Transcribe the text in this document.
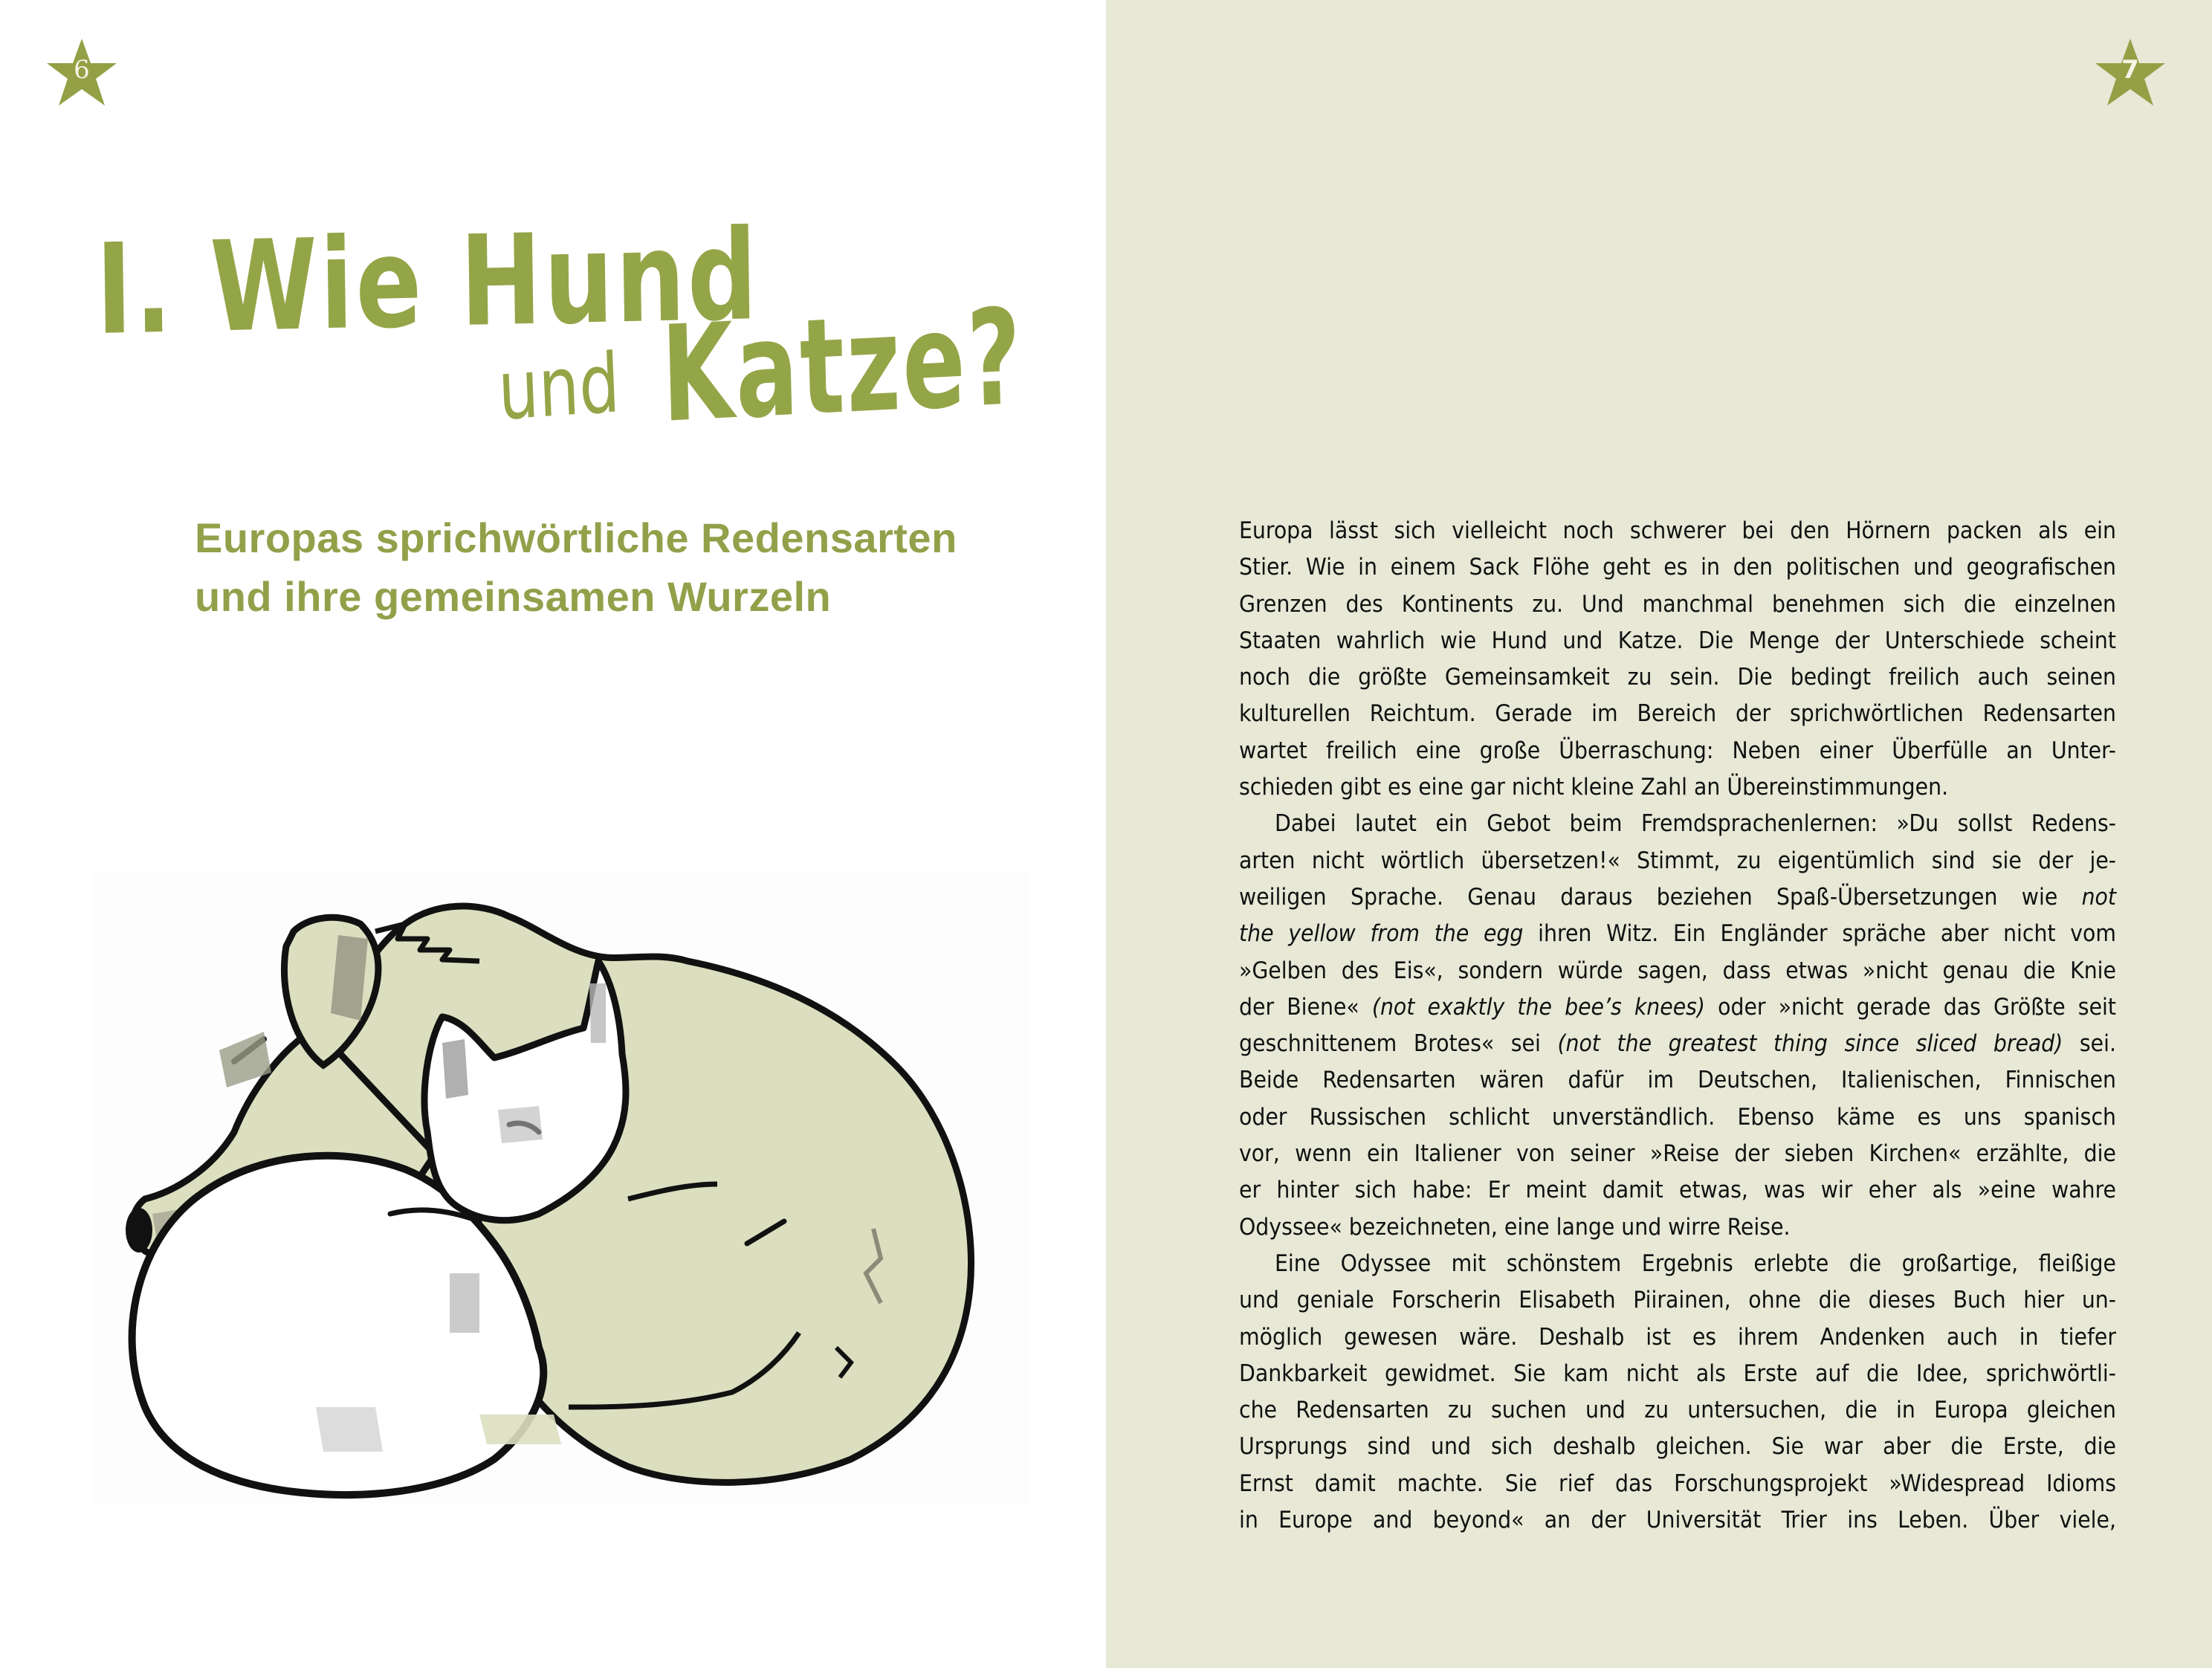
6
I. Wie Hund
und Katze?
Europas sprichwörtliche Redensarten
und ihre gemeinsamen Wurzeln
7
Europa lässt sich vielleicht noch schwerer bei den Hörnern packen als ein
Stier. Wie in einem Sack Flöhe geht es in den politischen und geografischen
Grenzen des Kontinents zu. Und manchmal benehmen sich die einzelnen
Staaten wahrlich wie Hund und Katze. Die Menge der Unterschiede scheint
noch die größte Gemeinsamkeit zu sein. Die bedingt freilich auch seinen
kulturellen Reichtum. Gerade im Bereich der sprichwörtlichen Redensarten
wartet freilich eine große Überraschung: Neben einer Überfülle an Unter-
schieden gibt es eine gar nicht kleine Zahl an Übereinstimmungen.
Dabei lautet ein Gebot beim Fremdsprachenlernen: »Du sollst Redens-
arten nicht wörtlich übersetzen!« Stimmt, zu eigentümlich sind sie der je-
weiligen Sprache. Genau daraus beziehen Spaß-Übersetzungen wie not
the yellow from the egg ihren Witz. Ein Engländer spräche aber nicht vom
»Gelben des Eis«, sondern würde sagen, dass etwas »nicht genau die Knie
der Biene« (not exaktly the bee’s knees) oder »nicht gerade das Größte seit
geschnittenem Brotes« sei (not the greatest thing since sliced bread) sei.
Beide Redensarten wären dafür im Deutschen, Italienischen, Finnischen
oder Russischen schlicht unverständlich. Ebenso käme es uns spanisch
vor, wenn ein Italiener von seiner »Reise der sieben Kirchen« erzählte, die
er hinter sich habe: Er meint damit etwas, was wir eher als »eine wahre
Odyssee« bezeichneten, eine lange und wirre Reise.
Eine Odyssee mit schönstem Ergebnis erlebte die großartige, fleißige
und geniale Forscherin Elisabeth Piirainen, ohne die dieses Buch hier un-
möglich gewesen wäre. Deshalb ist es ihrem Andenken auch in tiefer
Dankbarkeit gewidmet. Sie kam nicht als Erste auf die Idee, sprichwörtli-
che Redensarten zu suchen und zu untersuchen, die in Europa gleichen
Ursprungs sind und sich deshalb gleichen. Sie war aber die Erste, die
Ernst damit machte. Sie rief das Forschungsprojekt »Widespread Idioms
in Europe and beyond« an der Universität Trier ins Leben. Über viele,
